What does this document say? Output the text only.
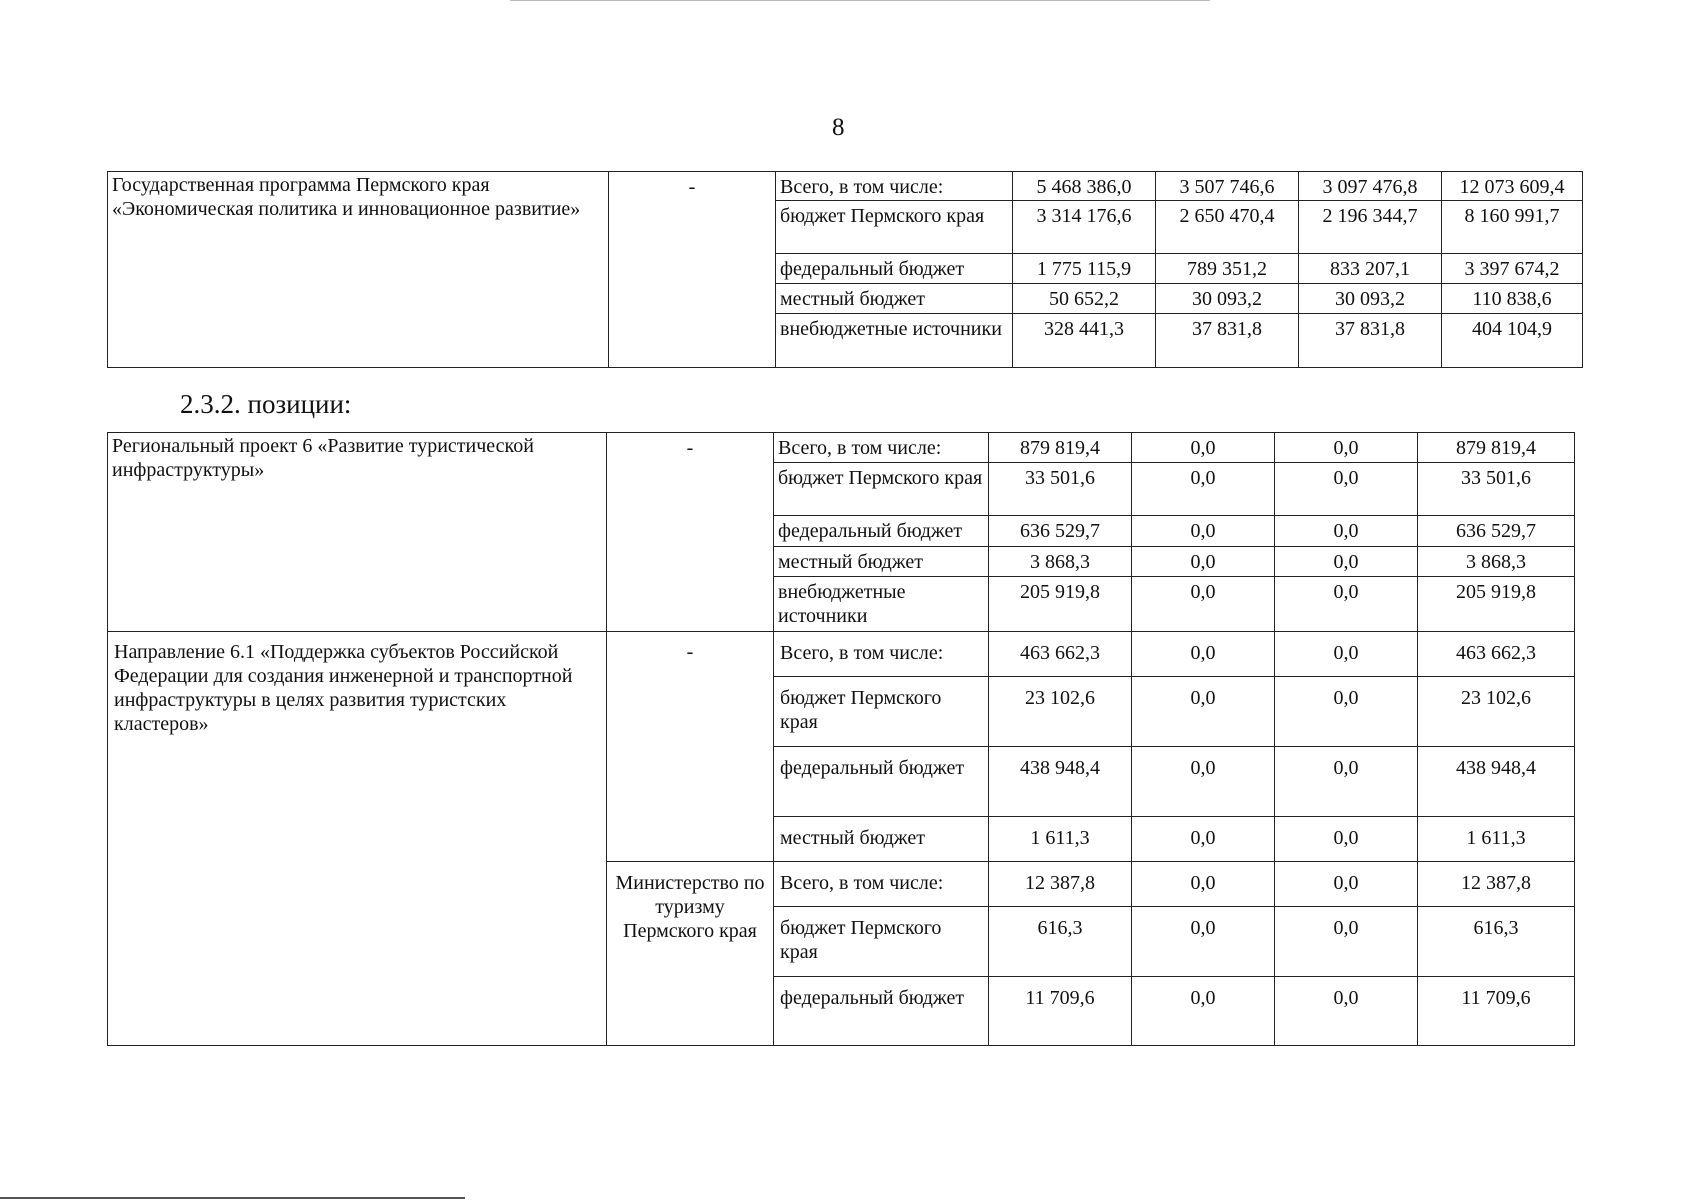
8
Государственная программа Пермского края «Экономическая политика и инновационное развитие»	-	Всего, в том числе:	5 468 386,0	3 507 746,6	3 097 476,8	12 073 609,4
		бюджет Пермского края	3 314 176,6	2 650 470,4	2 196 344,7	8 160 991,7
		федеральный бюджет	1 775 115,9	789 351,2	833 207,1	3 397 674,2
		местный бюджет	50 652,2	30 093,2	30 093,2	110 838,6
		внебюджетные источники	328 441,3	37 831,8	37 831,8	404 104,9
2.3.2. позиции:
Региональный проект 6 «Развитие туристической инфраструктуры»	-	Всего, в том числе:	879 819,4	0,0	0,0	879 819,4
		бюджет Пермского края	33 501,6	0,0	0,0	33 501,6
		федеральный бюджет	636 529,7	0,0	0,0	636 529,7
		местный бюджет	3 868,3	0,0	0,0	3 868,3
		внебюджетные источники	205 919,8	0,0	0,0	205 919,8
Направление 6.1 «Поддержка субъектов Российской Федерации для создания инженерной и транспортной инфраструктуры в целях развития туристских кластеров»	-	Всего, в том числе:	463 662,3	0,0	0,0	463 662,3
		бюджет Пермского края	23 102,6	0,0	0,0	23 102,6
		федеральный бюджет	438 948,4	0,0	0,0	438 948,4
		местный бюджет	1 611,3	0,0	0,0	1 611,3
	Министерство по туризму Пермского края	Всего, в том числе:	12 387,8	0,0	0,0	12 387,8
		бюджет Пермского края	616,3	0,0	0,0	616,3
		федеральный бюджет	11 709,6	0,0	0,0	11 709,6
